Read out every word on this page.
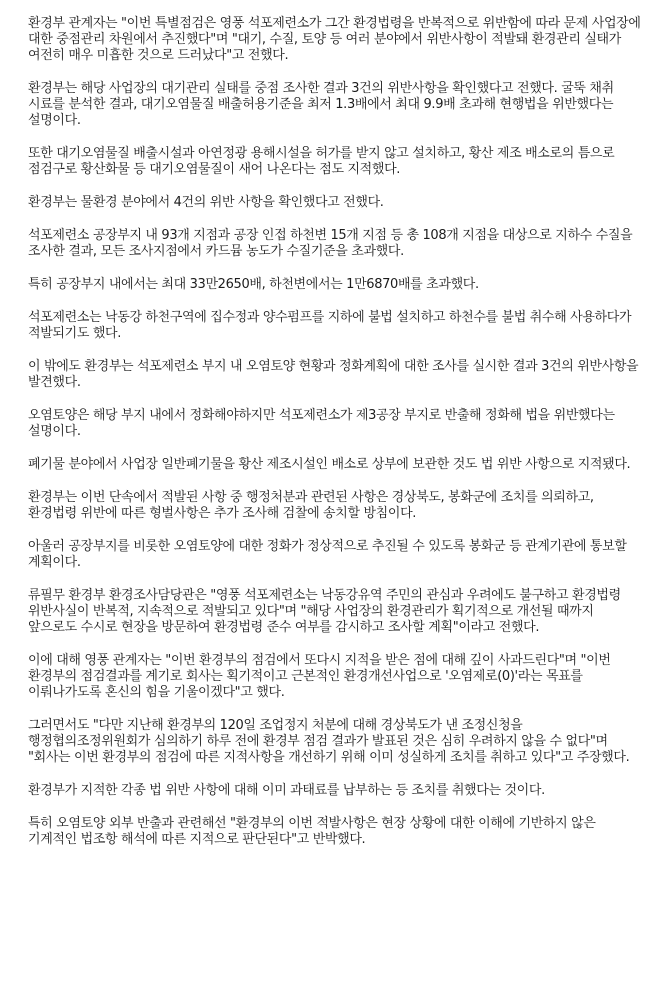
환경부 관계자는 "이번 특별점검은 영풍 석포제련소가 그간 환경법령을 반복적으로 위반함에 따라 문제 사업장에 대한 중점관리 차원에서 추진했다"며 "대기, 수질, 토양 등 여러 분야에서 위반사항이 적발돼 환경관리 실태가 여전히 매우 미흡한 것으로 드러났다"고 전했다.

환경부는 해당 사업장의 대기관리 실태를 중점 조사한 결과 3건의 위반사항을 확인했다고 전했다. 굴뚝 채취 시료를 분석한 결과, 대기오염물질 배출허용기준을 최저 1.3배에서 최대 9.9배 초과해 현행법을 위반했다는 설명이다.

또한 대기오염물질 배출시설과 아연정광 용해시설을 허가를 받지 않고 설치하고, 황산 제조 배소로의 틈으로 점검구로 황산화물 등 대기오염물질이 새어 나온다는 점도 지적했다.

환경부는 물환경 분야에서 4건의 위반 사항을 확인했다고 전했다.

석포제련소 공장부지 내 93개 지점과 공장 인접 하천변 15개 지점 등 총 108개 지점을 대상으로 지하수 수질을 조사한 결과, 모든 조사지점에서 카드뮴 농도가 수질기준을 초과했다.

특히 공장부지 내에서는 최대 33만2650배, 하천변에서는 1만6870배를 초과했다.

석포제련소는 낙동강 하천구역에 집수정과 양수펌프를 지하에 불법 설치하고 하천수를 불법 취수해 사용하다가 적발되기도 했다.

이 밖에도 환경부는 석포제련소 부지 내 오염토양 현황과 정화계획에 대한 조사를 실시한 결과 3건의 위반사항을 발견했다.

오염토양은 해당 부지 내에서 정화해야하지만 석포제련소가 제3공장 부지로 반출해 정화해 법을 위반했다는 설명이다.

폐기물 분야에서 사업장 일반폐기물을 황산 제조시설인 배소로 상부에 보관한 것도 법 위반 사항으로 지적됐다.

환경부는 이번 단속에서 적발된 사항 중 행정처분과 관련된 사항은 경상북도, 봉화군에 조치를 의뢰하고, 환경법령 위반에 따른 형벌사항은 추가 조사해 검찰에 송치할 방침이다.

아울러 공장부지를 비롯한 오염토양에 대한 정화가 정상적으로 추진될 수 있도록 봉화군 등 관계기관에 통보할 계획이다.

류필무 환경부 환경조사담당관은 "영풍 석포제련소는 낙동강유역 주민의 관심과 우려에도 불구하고 환경법령 위반사실이 반복적, 지속적으로 적발되고 있다"며 "해당 사업장의 환경관리가 획기적으로 개선될 때까지 앞으로도 수시로 현장을 방문하여 환경법령 준수 여부를 감시하고 조사할 계획"이라고 전했다.

이에 대해 영풍 관계자는 "이번 환경부의 점검에서 또다시 지적을 받은 점에 대해 깊이 사과드린다"며 "이번 환경부의 점검결과를 계기로 회사는 획기적이고 근본적인 환경개선사업으로 '오염제로(0)'라는 목표를 이뤄나가도록 혼신의 힘을 기울이겠다"고 했다.

그러면서도 "다만 지난해 환경부의 120일 조업정지 처분에 대해 경상북도가 낸 조정신청을 행정협의조정위원회가 심의하기 하루 전에 환경부 점검 결과가 발표된 것은 심히 우려하지 않을 수 없다"며 "회사는 이번 환경부의 점검에 따른 지적사항을 개선하기 위해 이미 성실하게 조치를 취하고 있다"고 주장했다.

환경부가 지적한 각종 법 위반 사항에 대해 이미 과태료를 납부하는 등 조치를 취했다는 것이다.

특히 오염토양 외부 반출과 관련해선 "환경부의 이번 적발사항은 현장 상황에 대한 이해에 기반하지 않은 기계적인 법조항 해석에 따른 지적으로 판단된다"고 반박했다.
